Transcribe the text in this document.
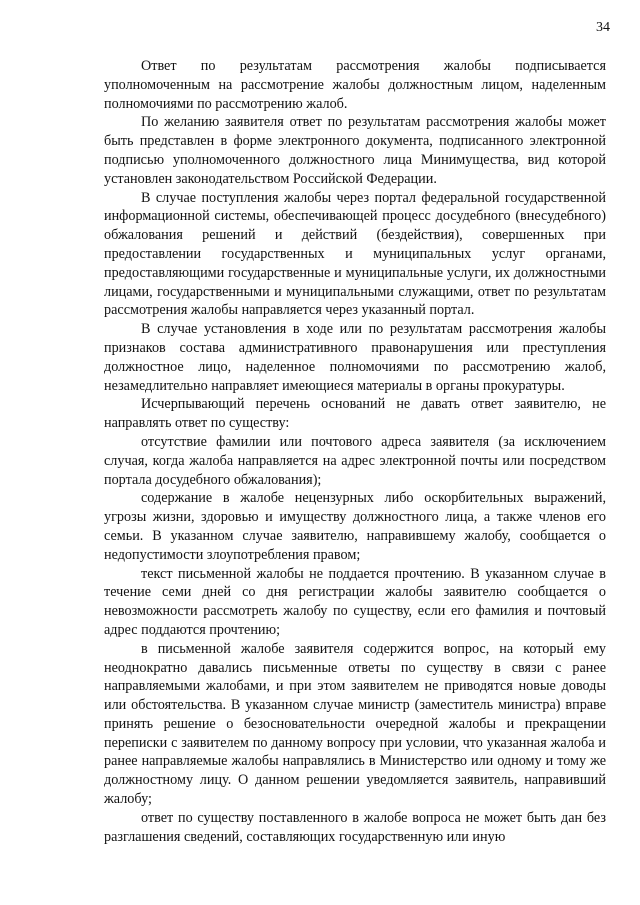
34

Ответ по результатам рассмотрения жалобы подписывается уполномоченным на рассмотрение жалобы должностным лицом, наделенным полномочиями по рассмотрению жалоб.

По желанию заявителя ответ по результатам рассмотрения жалобы может быть представлен в форме электронного документа, подписанного электронной подписью уполномоченного должностного лица Минимущества, вид которой установлен законодательством Российской Федерации.

В случае поступления жалобы через портал федеральной государственной информационной системы, обеспечивающей процесс досудебного (внесудебного) обжалования решений и действий (бездействия), совершенных при предоставлении государственных и муниципальных услуг органами, предоставляющими государственные и муниципальные услуги, их должностными лицами, государственными и муниципальными служащими, ответ по результатам рассмотрения жалобы направляется через указанный портал.

В случае установления в ходе или по результатам рассмотрения жалобы признаков состава административного правонарушения или преступления должностное лицо, наделенное полномочиями по рассмотрению жалоб, незамедлительно направляет имеющиеся материалы в органы прокуратуры.

Исчерпывающий перечень оснований не давать ответ заявителю, не направлять ответ по существу:

отсутствие фамилии или почтового адреса заявителя (за исключением случая, когда жалоба направляется на адрес электронной почты или посредством портала досудебного обжалования);

содержание в жалобе нецензурных либо оскорбительных выражений, угрозы жизни, здоровью и имуществу должностного лица, а также членов его семьи. В указанном случае заявителю, направившему жалобу, сообщается о недопустимости злоупотребления правом;

текст письменной жалобы не поддается прочтению. В указанном случае в течение семи дней со дня регистрации жалобы заявителю сообщается о невозможности рассмотреть жалобу по существу, если его фамилия и почтовый адрес поддаются прочтению;

в письменной жалобе заявителя содержится вопрос, на который ему неоднократно давались письменные ответы по существу в связи с ранее направляемыми жалобами, и при этом заявителем не приводятся новые доводы или обстоятельства. В указанном случае министр (заместитель министра) вправе принять решение о безосновательности очередной жалобы и прекращении переписки с заявителем по данному вопросу при условии, что указанная жалоба и ранее направляемые жалобы направлялись в Министерство или одному и тому же должностному лицу. О данном решении уведомляется заявитель, направивший жалобу;

ответ по существу поставленного в жалобе вопроса не может быть дан без разглашения сведений, составляющих государственную или иную
